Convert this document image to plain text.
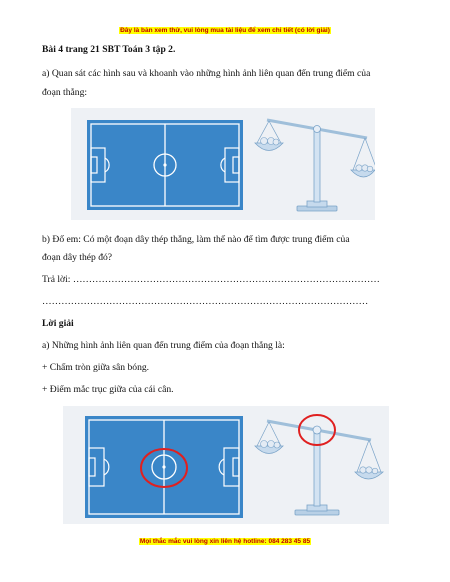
Đây là bản xem thử, vui lòng mua tài liệu để xem chi tiết (có lời giải)
Bài 4 trang 21 SBT Toán 3 tập 2.
a) Quan sát các hình sau và khoanh vào những hình ảnh liên quan đến trung điểm của
đoạn thẳng:
b) Đố em: Có một đoạn dây thép thẳng, làm thế nào để tìm được trung điểm của
đoạn dây thép đó?
Trả lời: ……………………………………………………………………………………
…………………………………………………………………………………………
Lời giải
a) Những hình ảnh liên quan đến trung điểm của đoạn thẳng là:
+ Chấm tròn giữa sân bóng.
+ Điểm mắc trục giữa của cái cân.
Mọi thắc mắc vui lòng xin liên hệ hotline: 084 283 45 85
